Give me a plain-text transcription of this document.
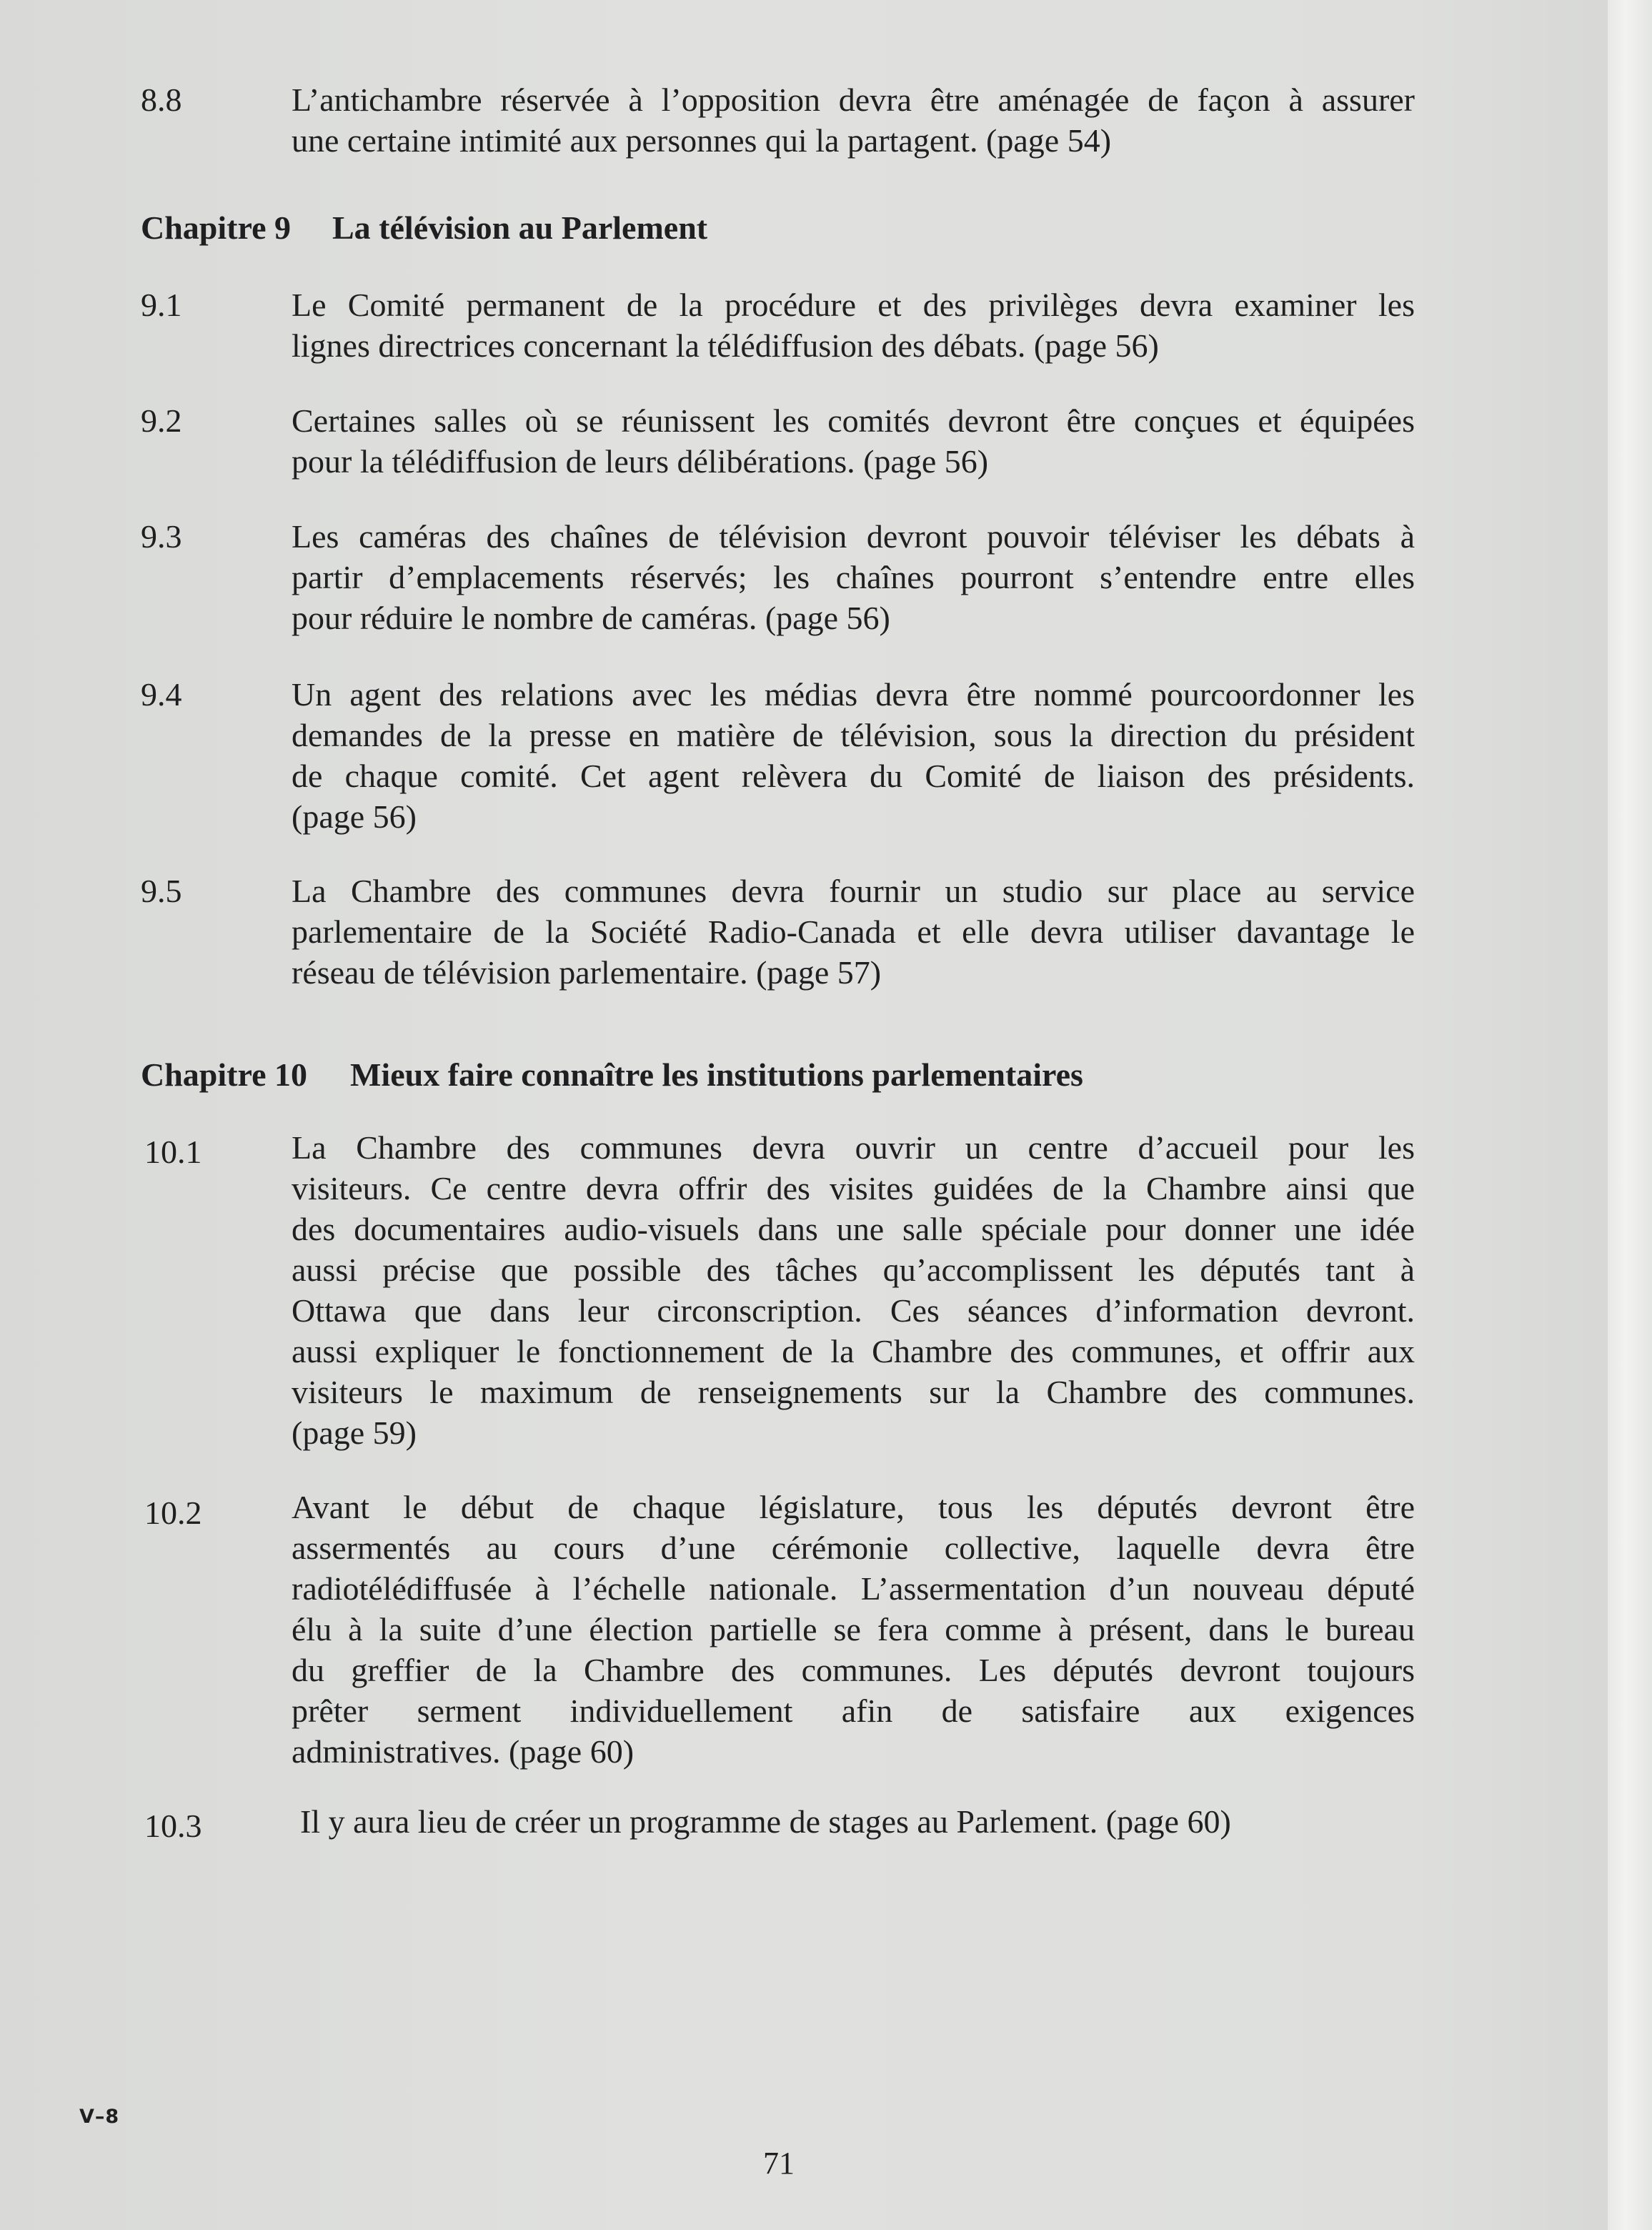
8.8	L’antichambre réservée à l’opposition devra être aménagée de façon à assurer
une certaine intimité aux personnes qui la partagent. (page 54)
Chapitre 9 La télévision au Parlement
9.1	Le Comité permanent de la procédure et des privilèges devra examiner les
lignes directrices concernant la télédiffusion des débats. (page 56)
9.2	Certaines salles où se réunissent les comités devront être conçues et équipées
pour la télédiffusion de leurs délibérations. (page 56)
9.3	Les caméras des chaînes de télévision devront pouvoir téléviser les débats à
partir d’emplacements réservés; les chaînes pourront s’entendre entre elles
pour réduire le nombre de caméras. (page 56)
9.4	Un agent des relations avec les médias devra être nommé pourcoordonner les
demandes de la presse en matière de télévision, sous la direction du président
de chaque comité. Cet agent relèvera du Comité de liaison des présidents.
(page 56)
9.5	La Chambre des communes devra fournir un studio sur place au service
parlementaire de la Société Radio-Canada et elle devra utiliser davantage le
réseau de télévision parlementaire. (page 57)
Chapitre 10 Mieux faire connaître les institutions parlementaires
10.1	La Chambre des communes devra ouvrir un centre d’accueil pour les
visiteurs. Ce centre devra offrir des visites guidées de la Chambre ainsi que
des documentaires audio-visuels dans une salle spéciale pour donner une idée
aussi précise que possible des tâches qu’accomplissent les députés tant à
Ottawa que dans leur circonscription. Ces séances d’information devront.
aussi expliquer le fonctionnement de la Chambre des communes, et offrir aux
visiteurs le maximum de renseignements sur la Chambre des communes.
(page 59)
10.2	Avant le début de chaque législature, tous les députés devront être
assermentés au cours d’une cérémonie collective, laquelle devra être
radiotélédiffusée à l’échelle nationale. L’assermentation d’un nouveau député
élu à la suite d’une élection partielle se fera comme à présent, dans le bureau
du greffier de la Chambre des communes. Les députés devront toujours
prêter serment individuellement afin de satisfaire aux exigences
administratives. (page 60)
10.3	Il y aura lieu de créer un programme de stages au Parlement. (page 60)
V–8
71
